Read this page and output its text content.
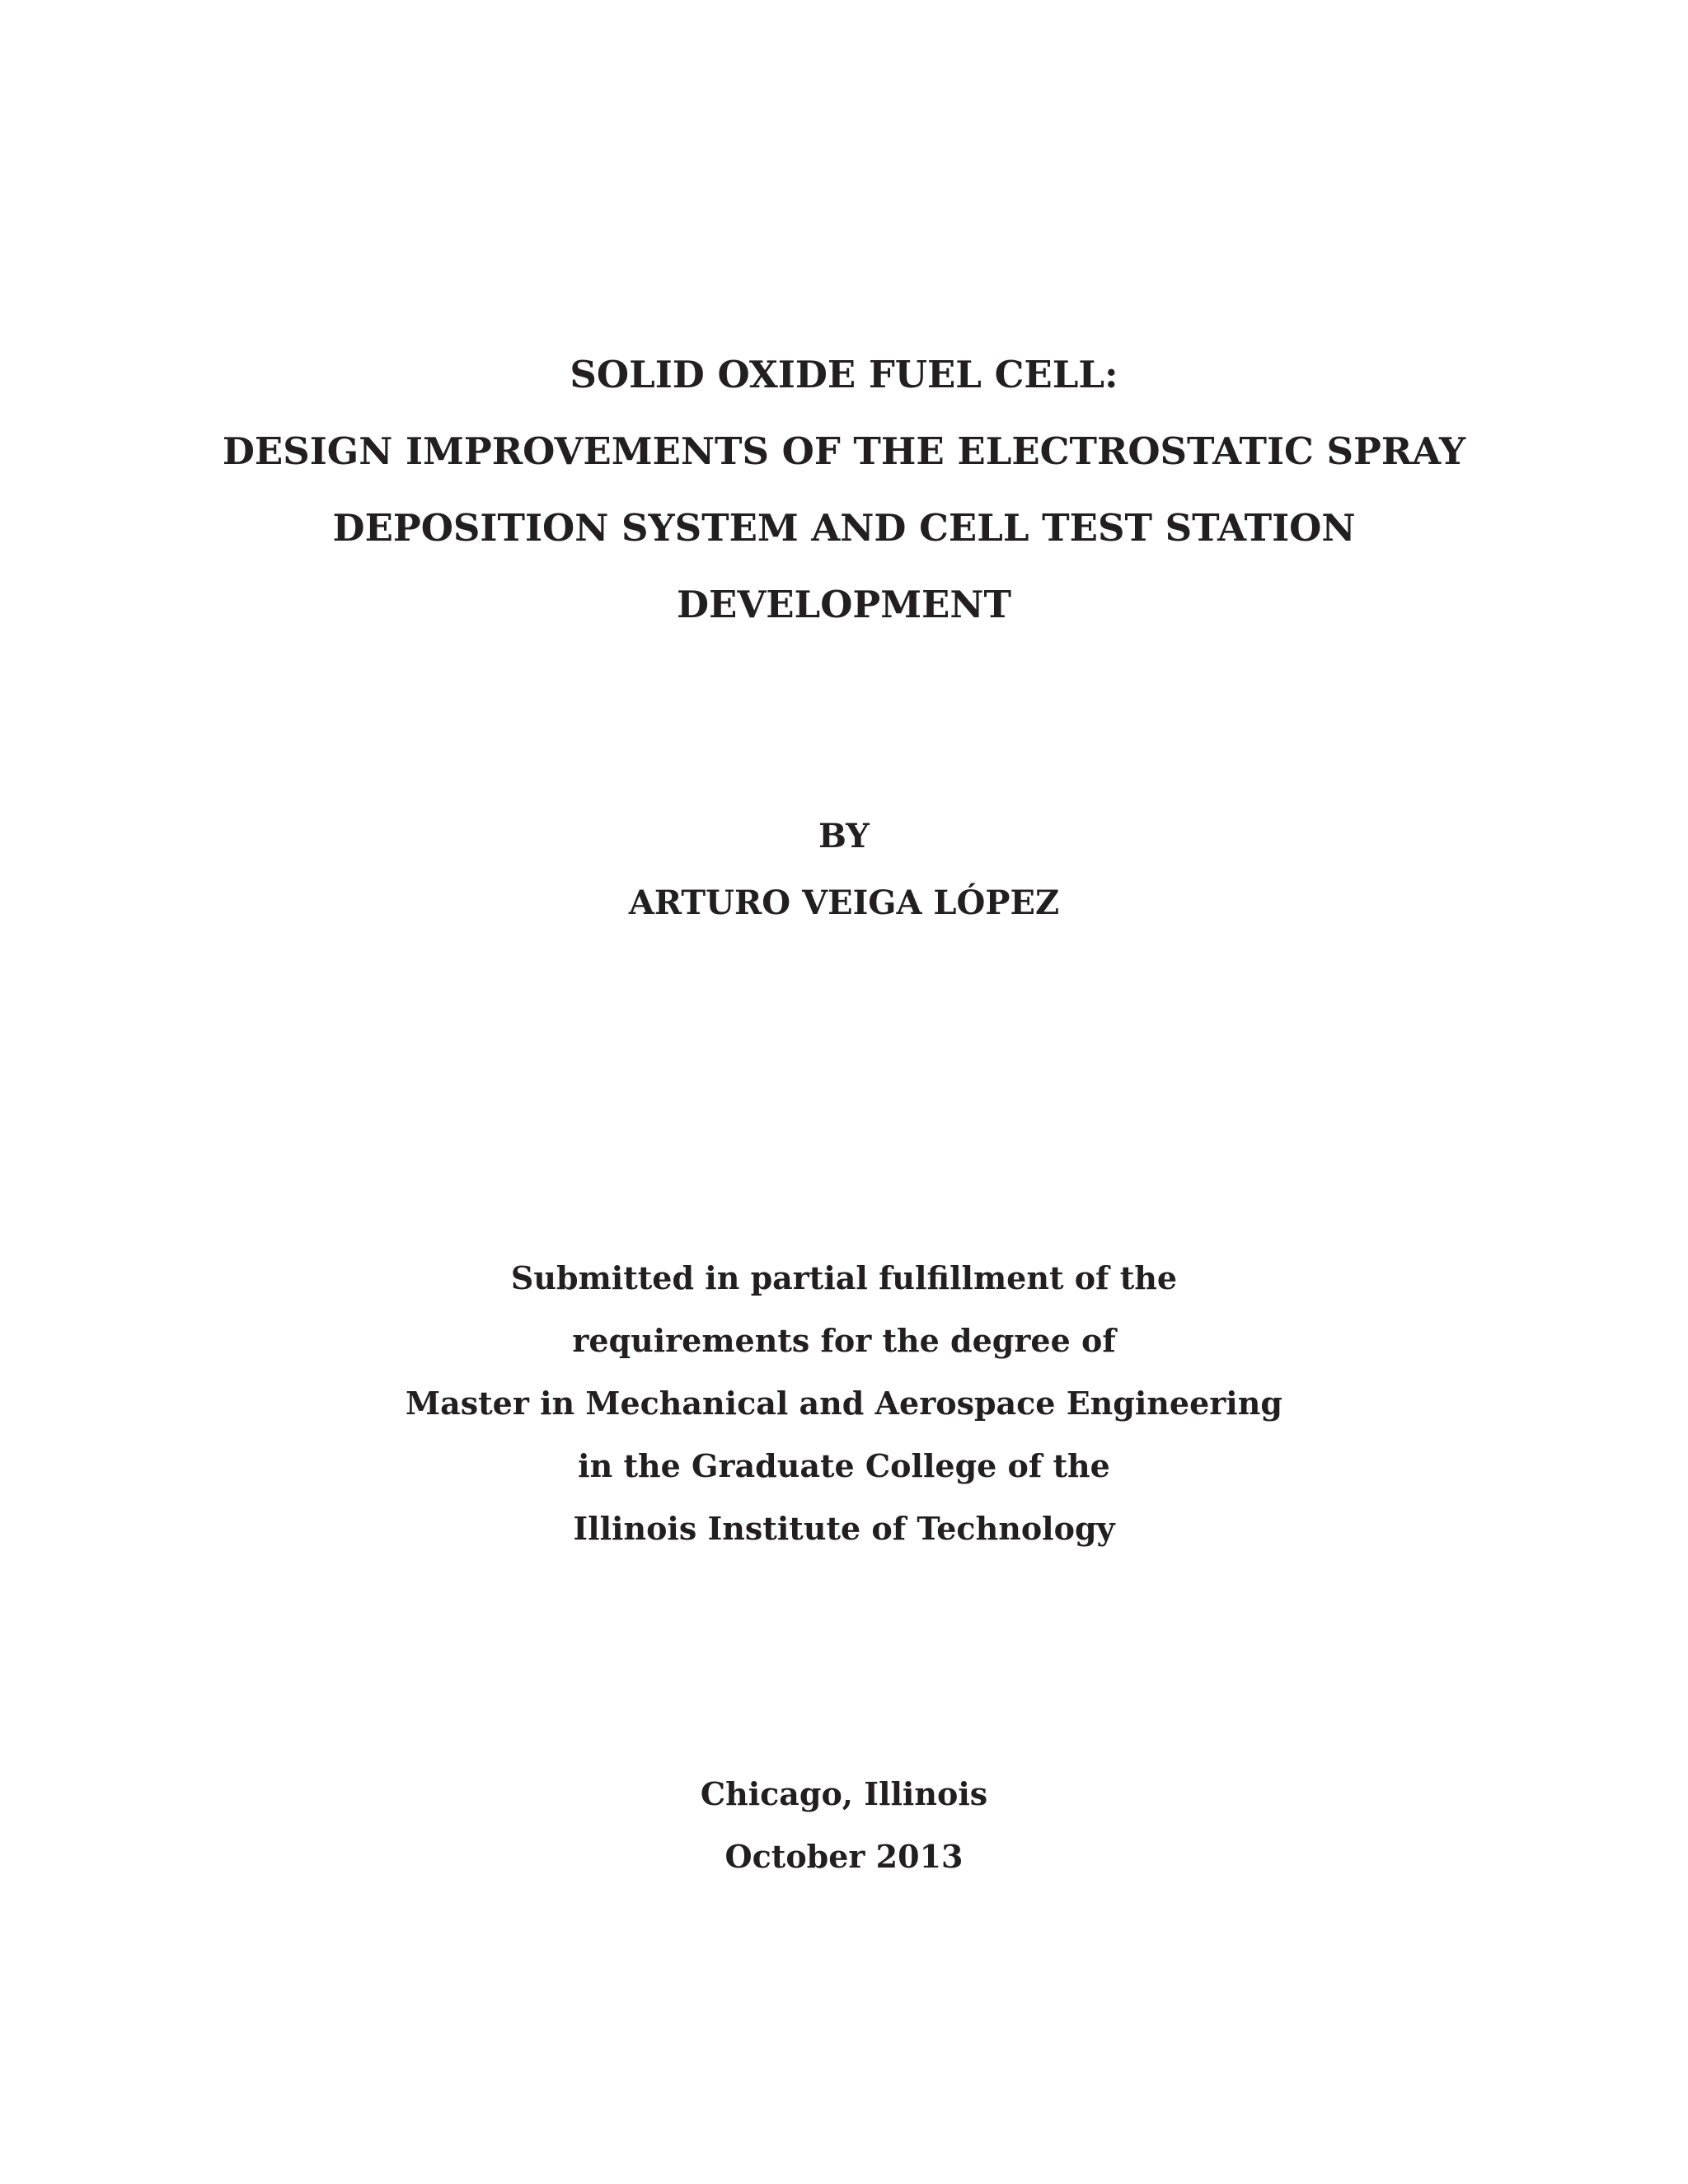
SOLID OXIDE FUEL CELL:
DESIGN IMPROVEMENTS OF THE ELECTROSTATIC SPRAY
DEPOSITION SYSTEM AND CELL TEST STATION
DEVELOPMENT
BY
ARTURO VEIGA LÓPEZ
Submitted in partial fulfillment of the
requirements for the degree of
Master in Mechanical and Aerospace Engineering
in the Graduate College of the
Illinois Institute of Technology
Chicago, Illinois
October 2013
